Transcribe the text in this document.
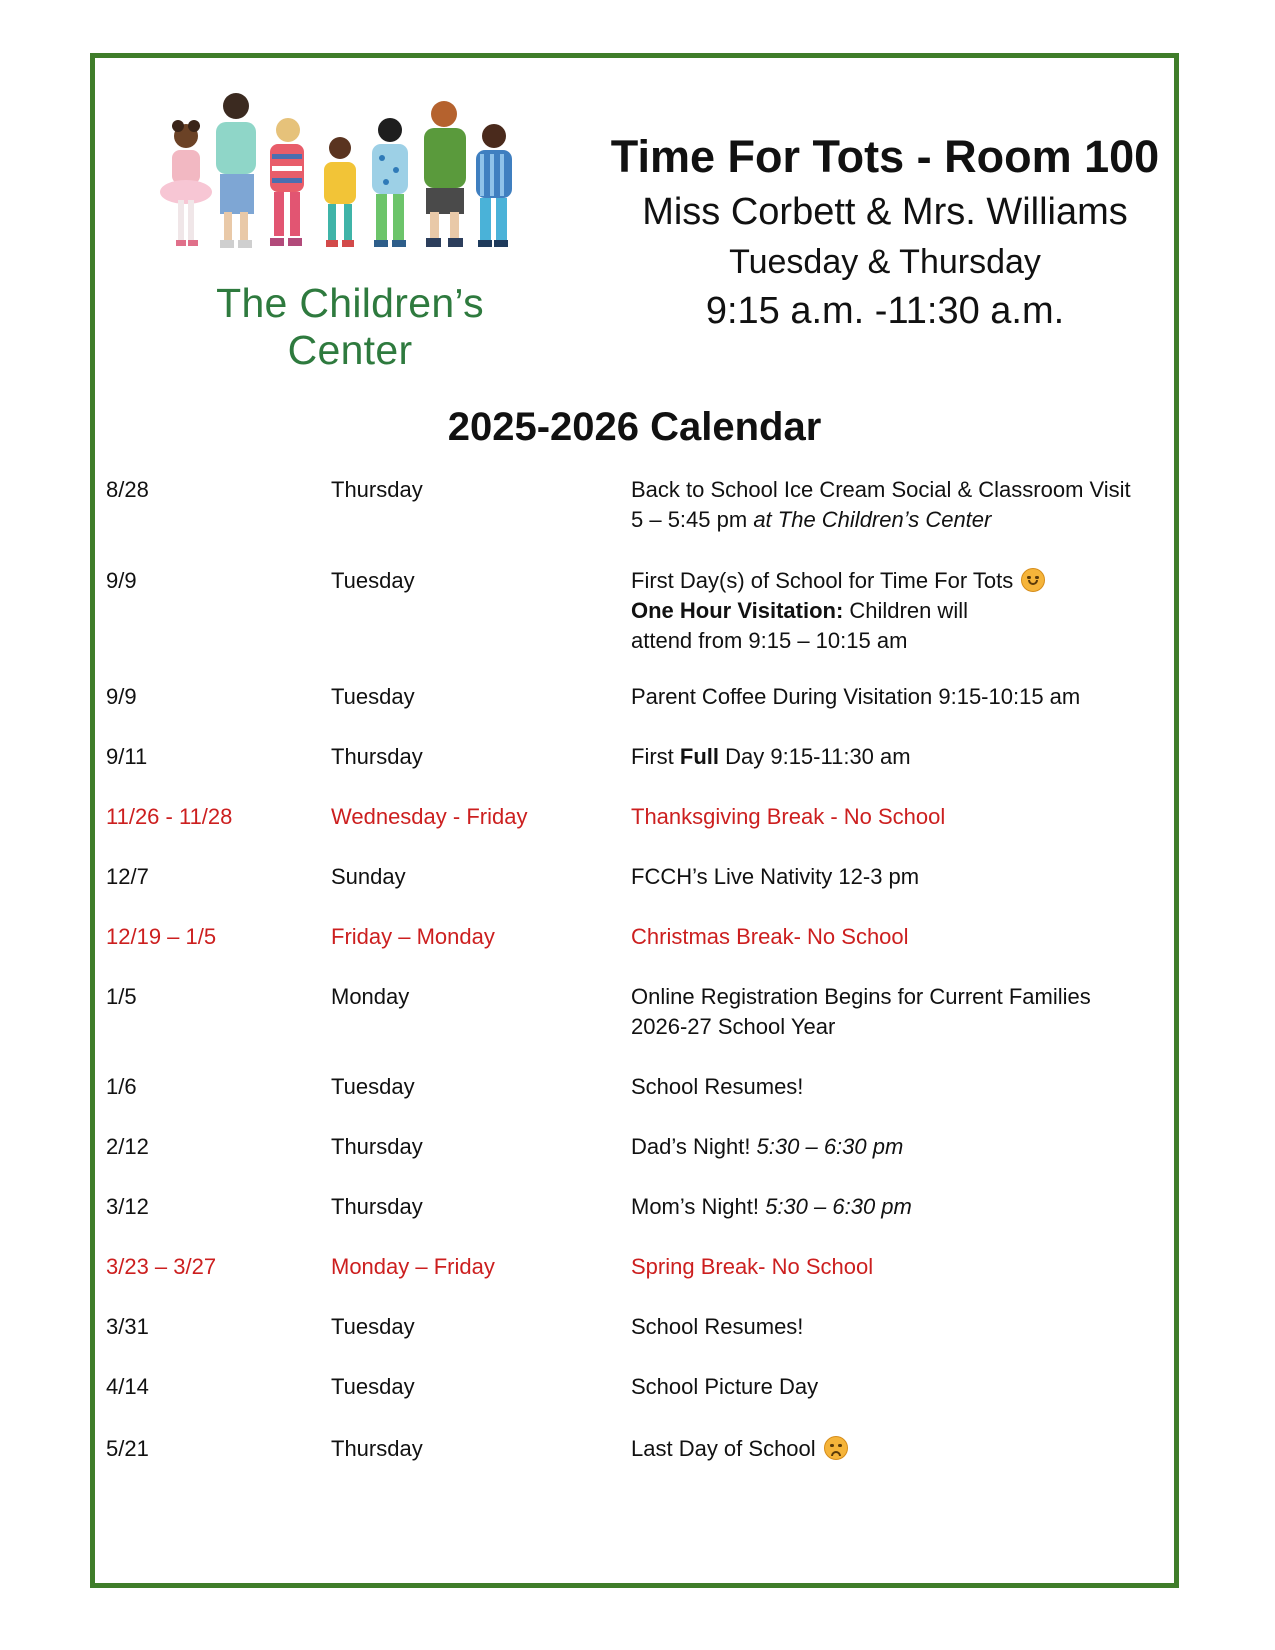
The Children’s Center
Time For Tots - Room 100
Miss Corbett & Mrs. Williams
Tuesday & Thursday
9:15 a.m. -11:30 a.m.
2025-2026 Calendar
8/28	Thursday	Back to School Ice Cream Social & Classroom Visit
5 – 5:45 pm at The Children’s Center
9/9	Tuesday	First Day(s) of School for Time For Tots
One Hour Visitation: Children will
attend from 9:15 – 10:15 am
9/9	Tuesday	Parent Coffee During Visitation 9:15-10:15 am
9/11	Thursday	First Full Day 9:15-11:30 am
11/26 - 11/28	Wednesday - Friday	Thanksgiving Break - No School
12/7	Sunday	FCCH’s Live Nativity 12-3 pm
12/19 – 1/5	Friday – Monday	Christmas Break- No School
1/5	Monday	Online Registration Begins for Current Families
2026-27 School Year
1/6	Tuesday	School Resumes!
2/12	Thursday	Dad’s Night! 5:30 – 6:30 pm
3/12	Thursday	Mom’s Night! 5:30 – 6:30 pm
3/23 – 3/27	Monday – Friday	Spring Break- No School
3/31	Tuesday	School Resumes!
4/14	Tuesday	School Picture Day
5/21	Thursday	Last Day of School
